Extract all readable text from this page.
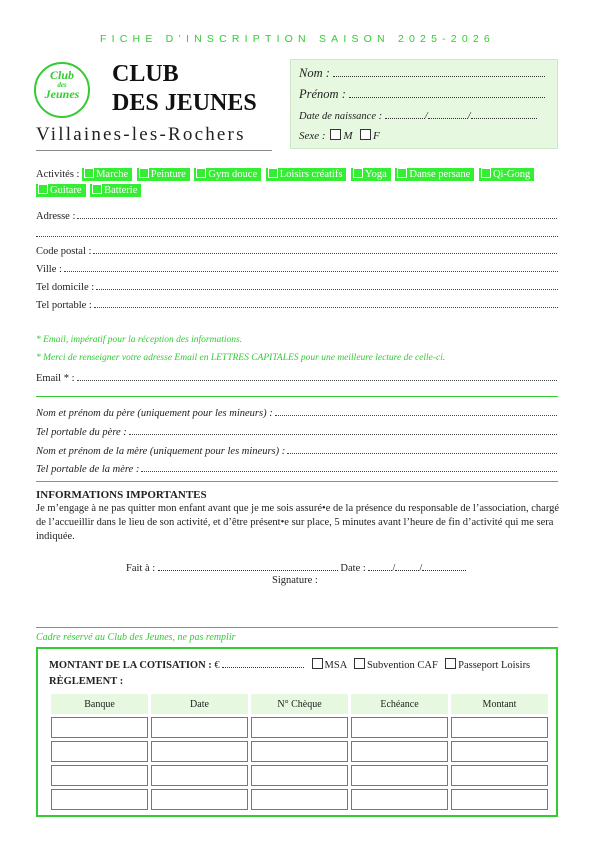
FICHE D’INSCRIPTION SAISON 2025-2026
Club
des
Jeunes
CLUB
DES JEUNES
Villaines-les-Rochers
Nom :
Prénom :
Date de naissance :	/	/
Sexe : M F
Activités : Marche Peinture Gym douce Loisirs créatifs Yoga Danse persane Qi-Gong Guitare Batterie
Adresse :
Code postal :
Ville :
Tel domicile :
Tel portable :
* Email, impératif pour la réception des informations.
* Merci de renseigner votre adresse Email en LETTRES CAPITALES pour une meilleure lecture de celle-ci.
Email * :
Nom et prénom du père (uniquement pour les mineurs) :
Tel portable du père :
Nom et prénom de la mère (uniquement pour les mineurs) :
Tel portable de la mère :
INFORMATIONS IMPORTANTES
Je m’engage à ne pas quitter mon enfant avant que je me sois assuré•e de la présence du responsable de l’association, chargé de l’accueillir dans le lieu de son activité, et d’être présent•e sur place, 5 minutes avant l’heure de fin d’activité qui me sera indiquée.
Fait à :	Date :	/ /
Signature :
Cadre réservé au Club des Jeunes, ne pas remplir
MONTANT DE LA COTISATION : €	MSA Subvention CAF Passeport Loisirs
RÈGLEMENT :
Banque	Date	N° Chèque	Echéance	Montant
